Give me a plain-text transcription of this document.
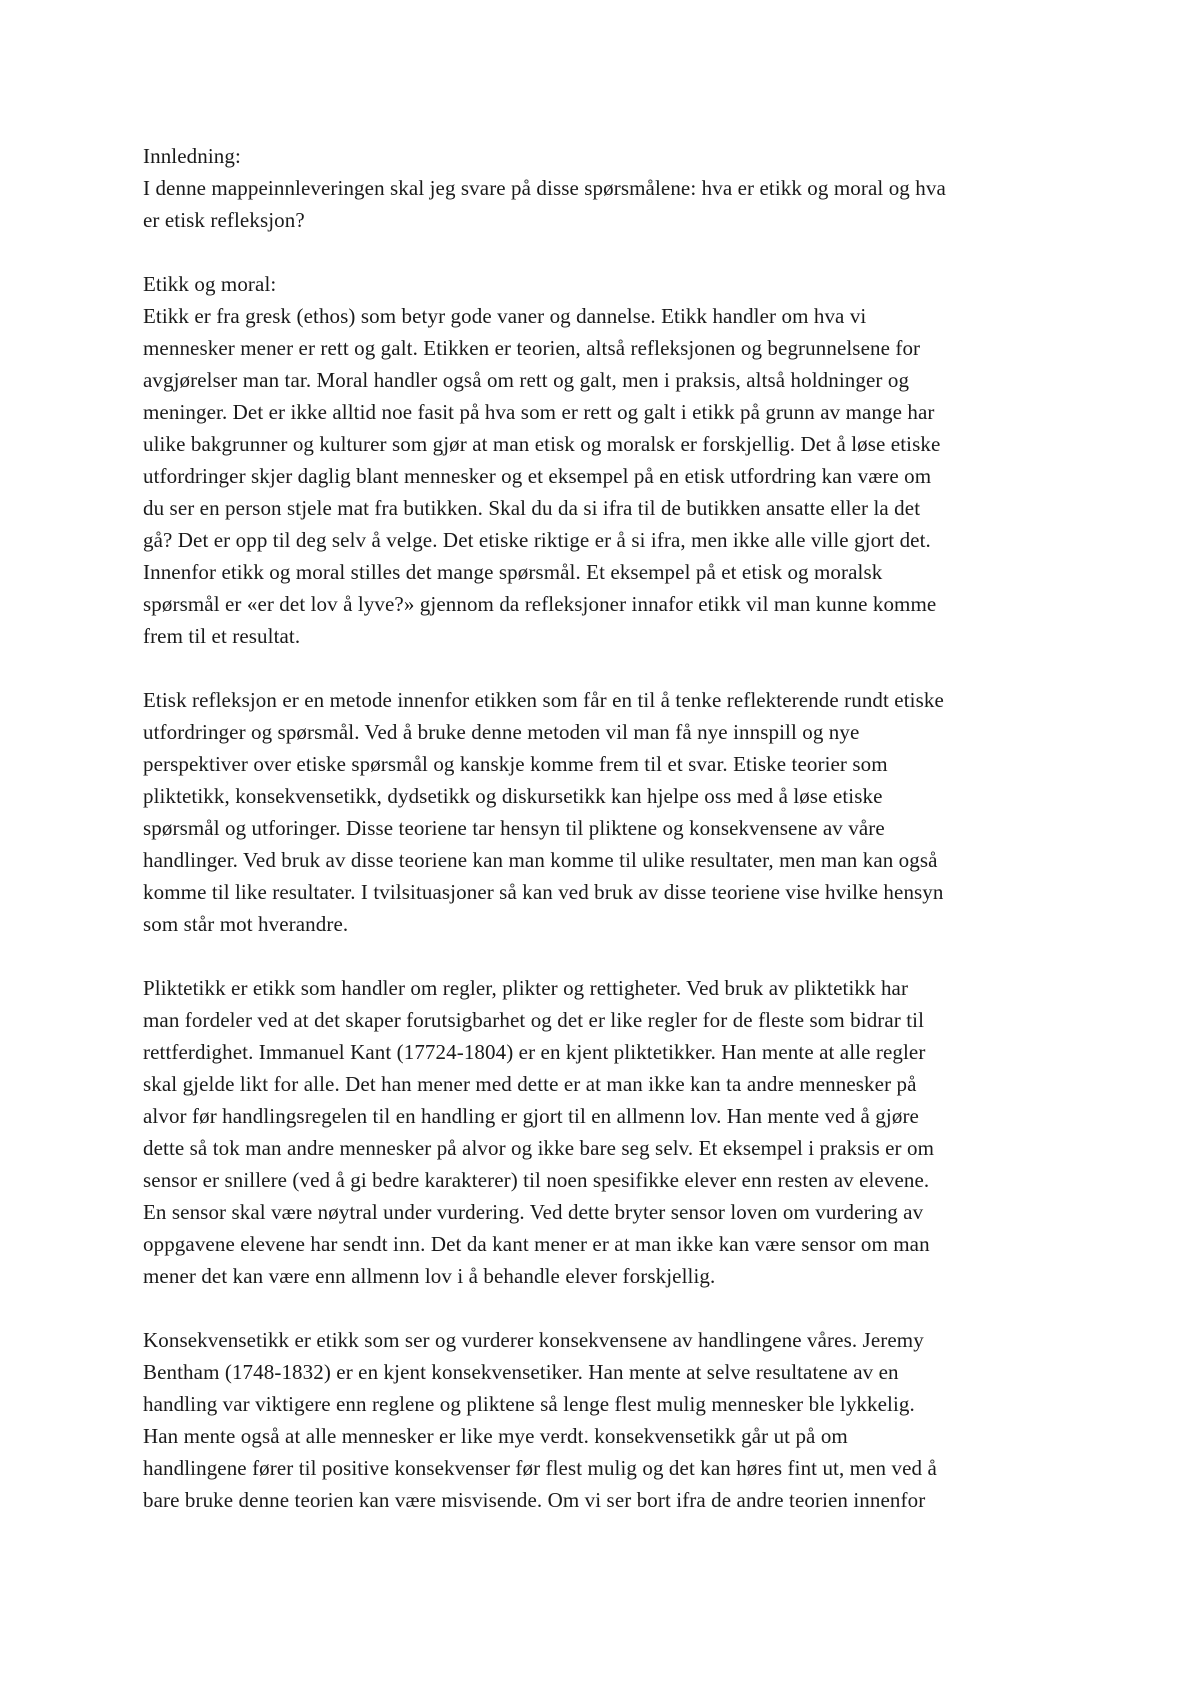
Innledning:
I denne mappeinnleveringen skal jeg svare på disse spørsmålene: hva er etikk og moral og hva
er etisk refleksjon?
Etikk og moral:
Etikk er fra gresk (ethos) som betyr gode vaner og dannelse. Etikk handler om hva vi
mennesker mener er rett og galt. Etikken er teorien, altså refleksjonen og begrunnelsene for
avgjørelser man tar. Moral handler også om rett og galt, men i praksis, altså holdninger og
meninger. Det er ikke alltid noe fasit på hva som er rett og galt i etikk på grunn av mange har
ulike bakgrunner og kulturer som gjør at man etisk og moralsk er forskjellig. Det å løse etiske
utfordringer skjer daglig blant mennesker og et eksempel på en etisk utfordring kan være om
du ser en person stjele mat fra butikken. Skal du da si ifra til de butikken ansatte eller la det
gå? Det er opp til deg selv å velge. Det etiske riktige er å si ifra, men ikke alle ville gjort det.
Innenfor etikk og moral stilles det mange spørsmål. Et eksempel på et etisk og moralsk
spørsmål er «er det lov å lyve?» gjennom da refleksjoner innafor etikk vil man kunne komme
frem til et resultat.
Etisk refleksjon er en metode innenfor etikken som får en til å tenke reflekterende rundt etiske
utfordringer og spørsmål. Ved å bruke denne metoden vil man få nye innspill og nye
perspektiver over etiske spørsmål og kanskje komme frem til et svar. Etiske teorier som
pliktetikk, konsekvensetikk, dydsetikk og diskursetikk kan hjelpe oss med å løse etiske
spørsmål og utforinger. Disse teoriene tar hensyn til pliktene og konsekvensene av våre
handlinger. Ved bruk av disse teoriene kan man komme til ulike resultater, men man kan også
komme til like resultater. I tvilsituasjoner så kan ved bruk av disse teoriene vise hvilke hensyn
som står mot hverandre.
Pliktetikk er etikk som handler om regler, plikter og rettigheter. Ved bruk av pliktetikk har
man fordeler ved at det skaper forutsigbarhet og det er like regler for de fleste som bidrar til
rettferdighet. Immanuel Kant (17724-1804) er en kjent pliktetikker. Han mente at alle regler
skal gjelde likt for alle. Det han mener med dette er at man ikke kan ta andre mennesker på
alvor før handlingsregelen til en handling er gjort til en allmenn lov. Han mente ved å gjøre
dette så tok man andre mennesker på alvor og ikke bare seg selv. Et eksempel i praksis er om
sensor er snillere (ved å gi bedre karakterer) til noen spesifikke elever enn resten av elevene.
En sensor skal være nøytral under vurdering. Ved dette bryter sensor loven om vurdering av
oppgavene elevene har sendt inn. Det da kant mener er at man ikke kan være sensor om man
mener det kan være enn allmenn lov i å behandle elever forskjellig.
Konsekvensetikk er etikk som ser og vurderer konsekvensene av handlingene våres. Jeremy
Bentham (1748-1832) er en kjent konsekvensetiker. Han mente at selve resultatene av en
handling var viktigere enn reglene og pliktene så lenge flest mulig mennesker ble lykkelig.
Han mente også at alle mennesker er like mye verdt. konsekvensetikk går ut på om
handlingene fører til positive konsekvenser før flest mulig og det kan høres fint ut, men ved å
bare bruke denne teorien kan være misvisende. Om vi ser bort ifra de andre teorien innenfor
